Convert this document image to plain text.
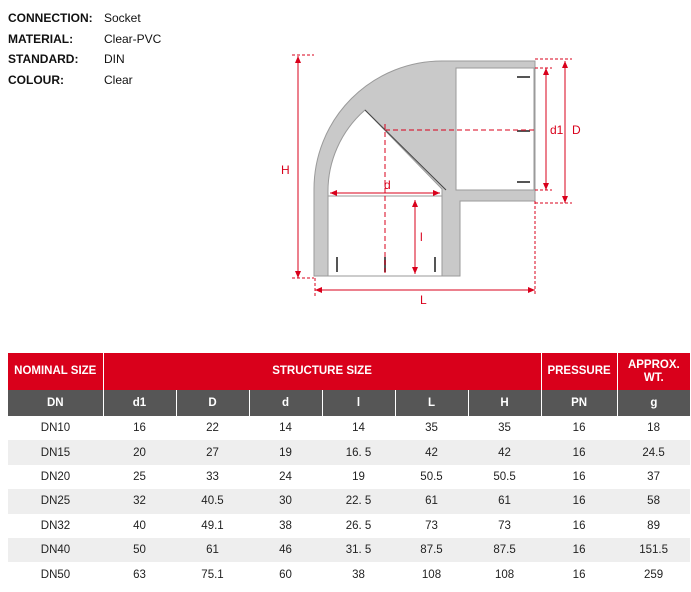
CONNECTION: Socket
MATERIAL:	Clear-PVC
STANDARD:	DIN
COLOUR:	Clear
H
L
d1 D
d
l
NOMINAL SIZE	STRUCTURE SIZE						PRESSURE	APPROX. WT.
DN	d1	D	d	l	L	H	PN	g
DN10	16	22	14	14	35	35	16	18
DN15	20	27	19	16. 5	42	42	16	24.5
DN20	25	33	24	19	50.5	50.5	16	37
DN25	32	40.5	30	22. 5	61	61	16	58
DN32	40	49.1	38	26. 5	73	73	16	89
DN40	50	61	46	31. 5	87.5	87.5	16	151.5
DN50	63	75.1	60	38	108	108	16	259
